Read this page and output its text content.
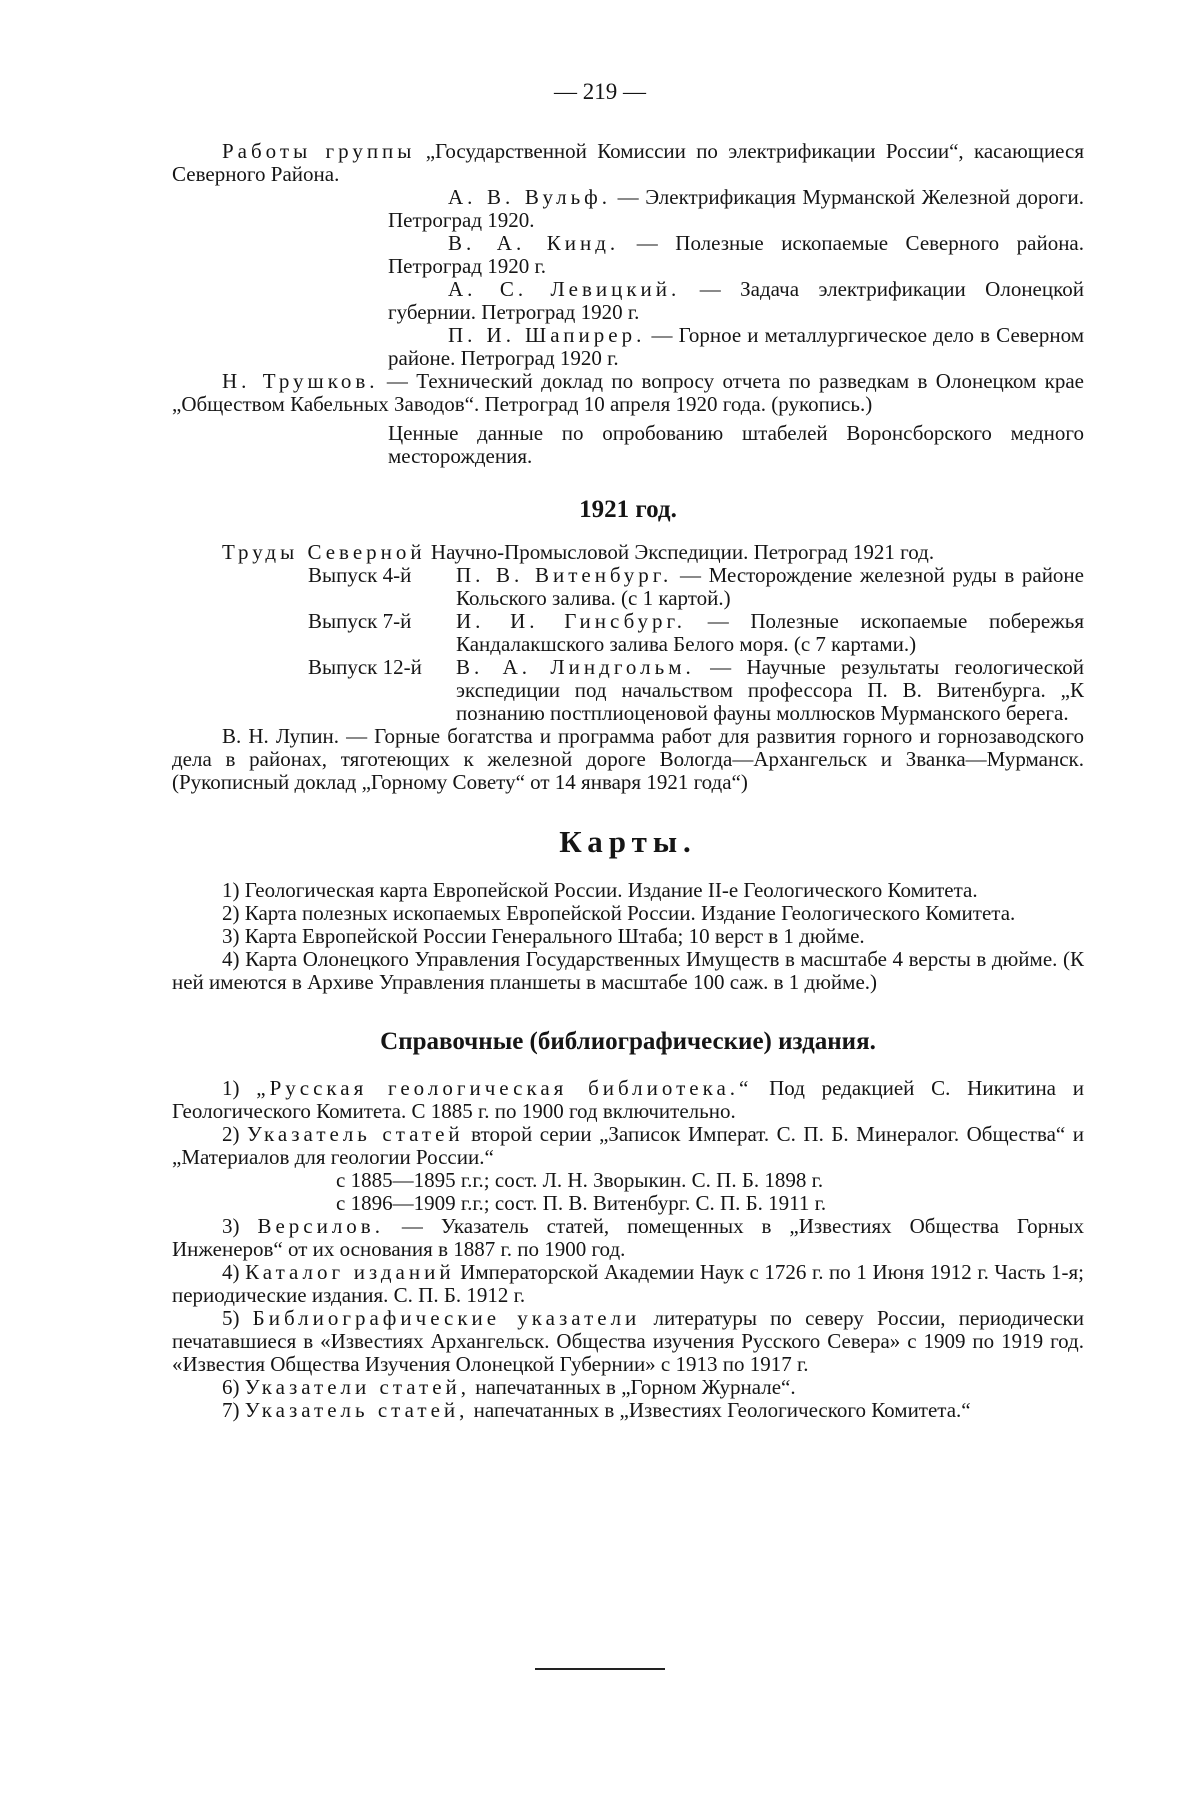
— 219 —

Работы группы „Государственной Комиссии по электрификации России“, касающиеся Северного Района.

А. В. Вульф. — Электрификация Мурманской Железной дороги. Петроград 1920.

В. А. Кинд. — Полезные ископаемые Северного района. Петроград 1920 г.

А. С. Левицкий. — Задача электрификации Олонецкой губернии. Петроград 1920 г.

П. И. Шапирер. — Горное и металлургическое дело в Северном районе. Петроград 1920 г.

Н. Трушков. — Технический доклад по вопросу отчета по разведкам в Олонецком крае „Обществом Кабельных Заводов“. Петроград 10 апреля 1920 года. (рукопись.)

Ценные данные по опробованию штабелей Воронсборского медного месторождения.

1921 год.

Труды Северной Научно-Промысловой Экспедиции. Петроград 1921 год.

Выпуск 4-й	П. В. Витенбург. — Месторождение железной руды в районе Кольского залива. (с 1 картой.)
Выпуск 7-й	И. И. Гинсбург. — Полезные ископаемые побережья Кандалакшского залива Белого моря. (с 7 картами.)
Выпуск 12-й	В. А. Линдгольм. — Научные результаты геологической экспедиции под начальством профессора П. В. Витенбурга. „К познанию постплиоценовой фауны моллюсков Мурманского берега.

В. Н. Лупин. — Горные богатства и программа работ для развития горного и горнозаводского дела в районах, тяготеющих к железной дороге Вологда—Архангельск и Званка—Мурманск. (Рукописный доклад „Горному Совету“ от 14 января 1921 года“)

Карты.

1) Геологическая карта Европейской России. Издание II-е Геологического Комитета.

2) Карта полезных ископаемых Европейской России. Издание Геологического Комитета.

3) Карта Европейской России Генерального Штаба; 10 верст в 1 дюйме.

4) Карта Олонецкого Управления Государственных Имуществ в масштабе 4 версты в дюйме. (К ней имеются в Архиве Управления планшеты в масштабе 100 саж. в 1 дюйме.)

Справочные (библиографические) издания.

1) „Русская геологическая библиотека.“ Под редакцией С. Никитина и Геологического Комитета. С 1885 г. по 1900 год включительно.

2) Указатель статей второй серии „Записок Императ. С. П. Б. Минералог. Общества“ и „Материалов для геологии России.“

с 1885—1895 г.г.; сост. Л. Н. Зворыкин. С. П. Б. 1898 г.

с 1896—1909 г.г.; сост. П. В. Витенбург. С. П. Б. 1911 г.

3) Версилов. — Указатель статей, помещенных в „Известиях Общества Горных Инженеров“ от их основания в 1887 г. по 1900 год.

4) Каталог изданий Императорской Академии Наук с 1726 г. по 1 Июня 1912 г. Часть 1-я; периодические издания. С. П. Б. 1912 г.

5) Библиографические указатели литературы по северу России, периодически печатавшиеся в «Известиях Архангельск. Общества изучения Русского Севера» с 1909 по 1919 год. «Известия Общества Изучения Олонецкой Губернии» с 1913 по 1917 г.

6) Указатели статей, напечатанных в „Горном Журнале“.

7) Указатель статей, напечатанных в „Известиях Геологического Комитета.“
